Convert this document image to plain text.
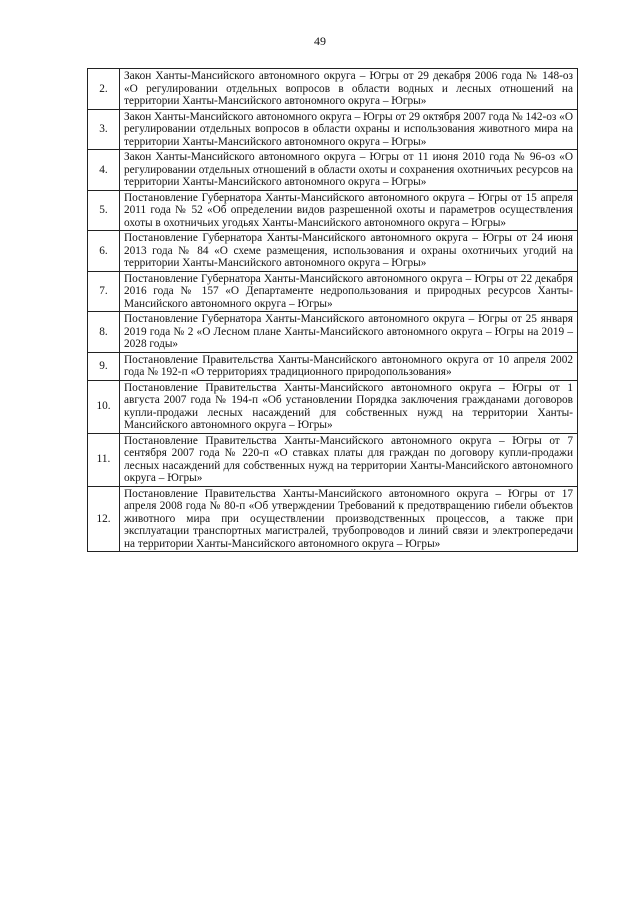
49
2.	Закон Ханты-Мансийского автономного округа – Югры от 29 декабря 2006 года № 148-оз «О регулировании отдельных вопросов в области водных и лесных отношений на территории Ханты-Мансийского автономного округа – Югры»
3.	Закон Ханты-Мансийского автономного округа – Югры от 29 октября 2007 года № 142-оз «О регулировании отдельных вопросов в области охраны и использования животного мира на территории Ханты-Мансийского автономного округа – Югры»
4.	Закон Ханты-Мансийского автономного округа – Югры от 11 июня 2010 года № 96-оз «О регулировании отдельных отношений в области охоты и сохранения охотничьих ресурсов на территории Ханты-Мансийского автономного округа – Югры»
5.	Постановление Губернатора Ханты-Мансийского автономного округа – Югры от 15 апреля 2011 года № 52 «Об определении видов разрешенной охоты и параметров осуществления охоты в охотничьих угодьях Ханты-Мансийского автономного округа – Югры»
6.	Постановление Губернатора Ханты-Мансийского автономного округа – Югры от 24 июня 2013 года № 84 «О схеме размещения, использования и охраны охотничьих угодий на территории Ханты-Мансийского автономного округа – Югры»
7.	Постановление Губернатора Ханты-Мансийского автономного округа – Югры от 22 декабря 2016 года № 157 «О Департаменте недропользования и природных ресурсов Ханты-Мансийского автономного округа – Югры»
8.	Постановление Губернатора Ханты-Мансийского автономного округа – Югры от 25 января 2019 года № 2 «О Лесном плане Ханты-Мансийского автономного округа – Югры на 2019 – 2028 годы»
9.	Постановление Правительства Ханты-Мансийского автономного округа от 10 апреля 2002 года № 192-п «О территориях традиционного природопользования»
10.	Постановление Правительства Ханты-Мансийского автономного округа – Югры от 1 августа 2007 года № 194-п «Об установлении Порядка заключения гражданами договоров купли-продажи лесных насаждений для собственных нужд на территории Ханты-Мансийского автономного округа – Югры»
11.	Постановление Правительства Ханты-Мансийского автономного округа – Югры от 7 сентября 2007 года № 220-п «О ставках платы для граждан по договору купли-продажи лесных насаждений для собственных нужд на территории Ханты-Мансийского автономного округа – Югры»
12.	Постановление Правительства Ханты-Мансийского автономного округа – Югры от 17 апреля 2008 года № 80-п «Об утверждении Требований к предотвращению гибели объектов животного мира при осуществлении производственных процессов, а также при эксплуатации транспортных магистралей, трубопроводов и линий связи и электропередачи на территории Ханты-Мансийского автономного округа – Югры»
